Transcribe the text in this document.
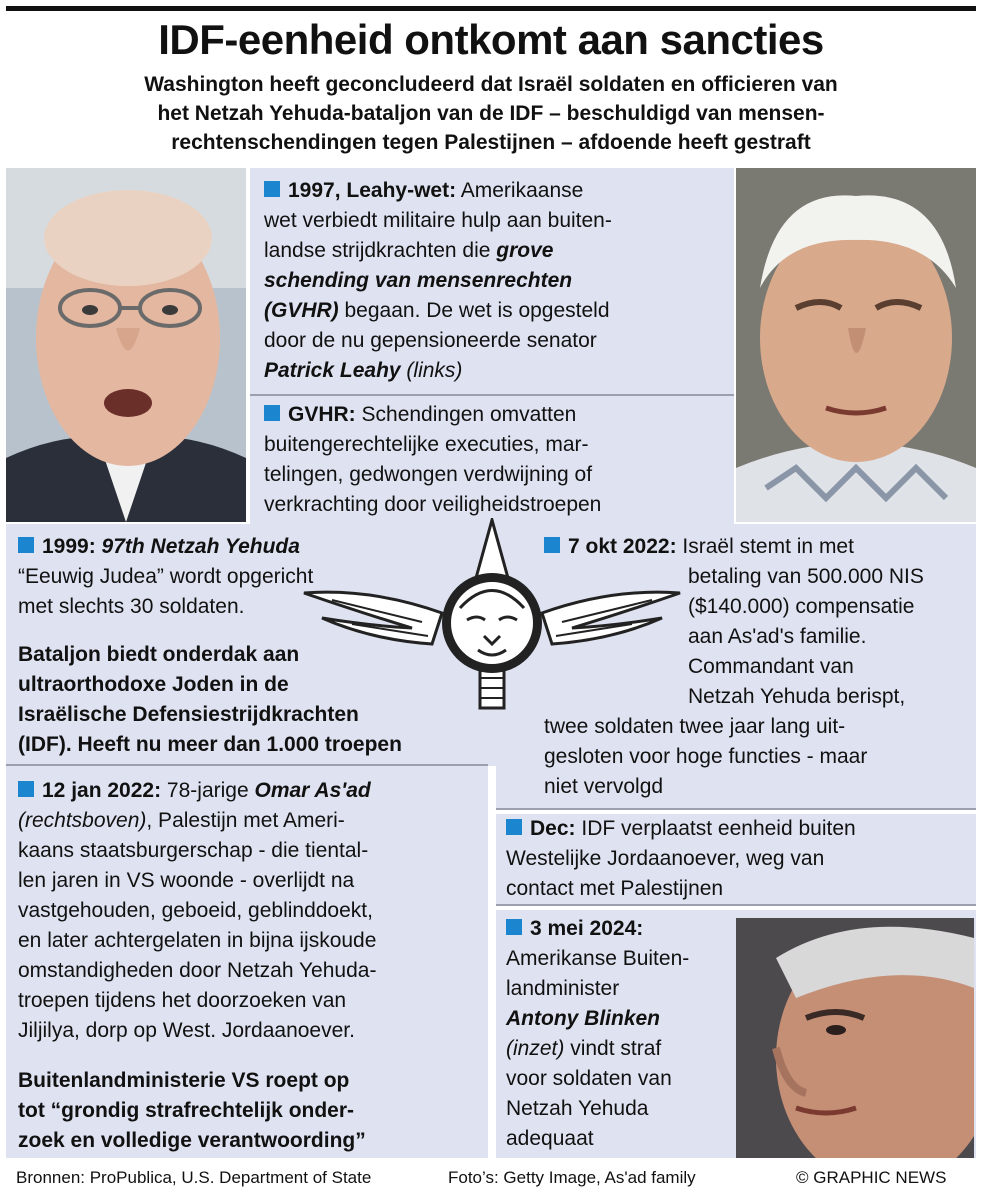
IDF-eenheid ontkomt aan sancties
Washington heeft geconcludeerd dat Israël soldaten en officieren van
het Netzah Yehuda-bataljon van de IDF – beschuldigd van mensen-
rechtenschendingen tegen Palestijnen – afdoende heeft gestraft
1997, Leahy-wet: Amerikaanse
wet verbiedt militaire hulp aan buiten-
landse strijdkrachten die grove
schending van mensenrechten
(GVHR) begaan. De wet is opgesteld
door de nu gepensioneerde senator
Patrick Leahy (links)
GVHR: Schendingen omvatten
buitengerechtelijke executies, mar-
telingen, gedwongen verdwijning of
verkrachting door veiligheidstroepen
1999: 97th Netzah Yehuda
“Eeuwig Judea” wordt opgericht
met slechts 30 soldaten.
Bataljon biedt onderdak aan
ultraorthodoxe Joden in de
Israëlische Defensiestrijdkrachten
(IDF). Heeft nu meer dan 1.000 troepen
7 okt 2022: Israël stemt in met
betaling van 500.000 NIS
($140.000) compensatie
aan As'ad's familie.
Commandant van
Netzah Yehuda berispt,
twee soldaten twee jaar lang uit-
gesloten voor hoge functies - maar
niet vervolgd
12 jan 2022: 78-jarige Omar As'ad
(rechtsboven), Palestijn met Ameri-
kaans staatsburgerschap - die tiental-
len jaren in VS woonde - overlijdt na
vastgehouden, geboeid, geblinddoekt,
en later achtergelaten in bijna ijskoude
omstandigheden door Netzah Yehuda-
troepen tijdens het doorzoeken van
Jiljilya, dorp op West. Jordaanoever.
Buitenlandministerie VS roept op
tot “grondig strafrechtelijk onder-
zoek en volledige verantwoording”
Dec: IDF verplaatst eenheid buiten
Westelijke Jordaanoever, weg van
contact met Palestijnen
3 mei 2024:
Amerikanse Buiten-
landminister
Antony Blinken
(inzet) vindt straf
voor soldaten van
Netzah Yehuda
adequaat
Bronnen: ProPublica, U.S. Department of State	Foto’s: Getty Image, As'ad family	© GRAPHIC NEWS
